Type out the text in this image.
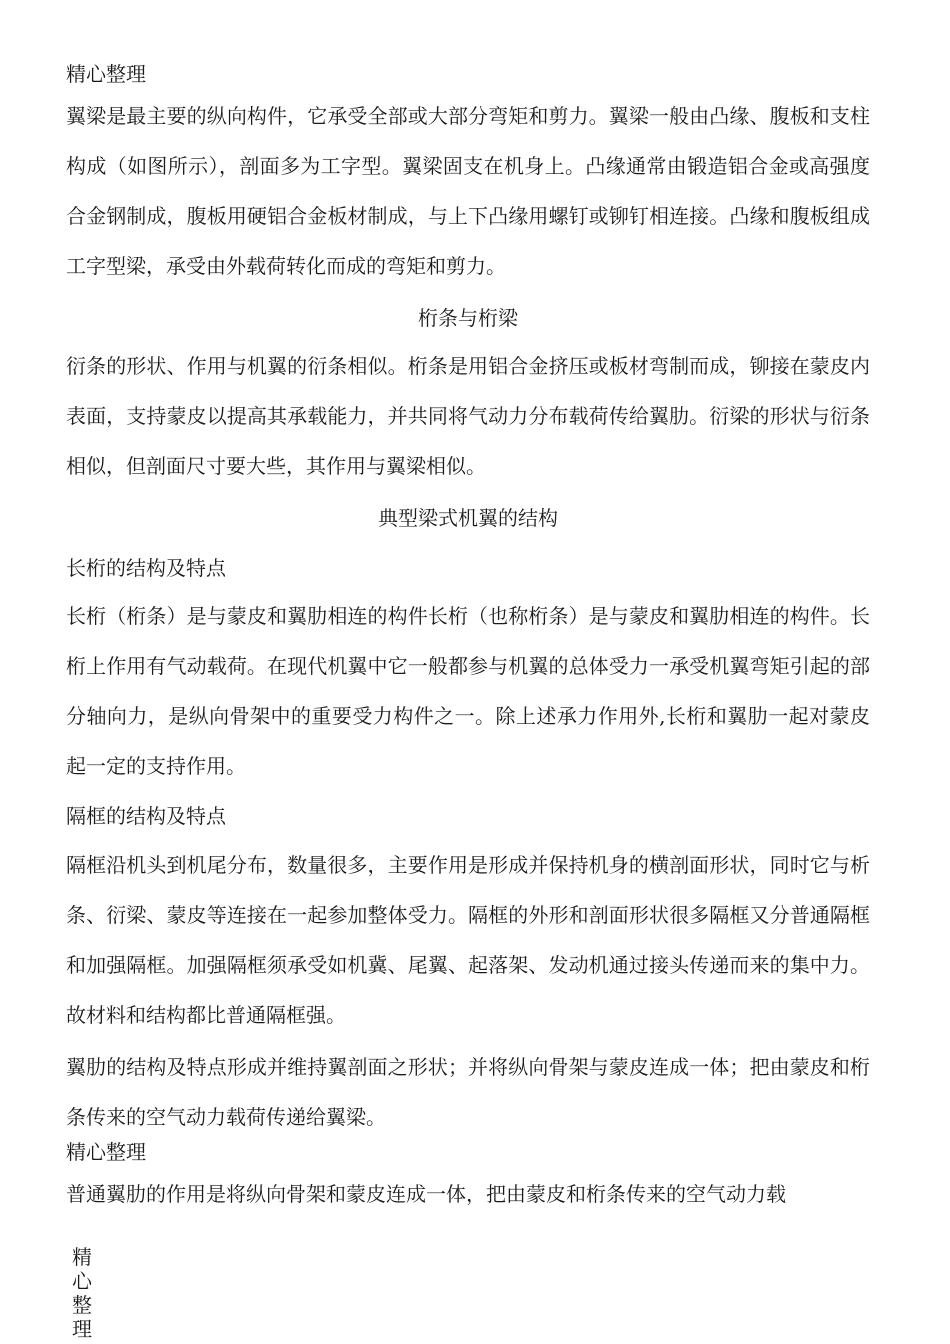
精心整理

翼梁是最主要的纵向构件，它承受全部或大部分弯矩和剪力。翼梁一般由凸缘、腹板和支柱构成（如图所示），剖面多为工字型。翼梁固支在机身上。凸缘通常由锻造铝合金或高强度合金钢制成，腹板用硬铝合金板材制成，与上下凸缘用螺钉或铆钉相连接。凸缘和腹板组成工字型梁，承受由外载荷转化而成的弯矩和剪力。

桁条与桁梁

衍条的形状、作用与机翼的衍条相似。桁条是用铝合金挤压或板材弯制而成，铆接在蒙皮内表面，支持蒙皮以提高其承载能力，并共同将气动力分布载荷传给翼肋。衍梁的形状与衍条相似，但剖面尺寸要大些，其作用与翼梁相似。

典型梁式机翼的结构
长桁的结构及特点

长桁（桁条）是与蒙皮和翼肋相连的构件长桁（也称桁条）是与蒙皮和翼肋相连的构件。长桁上作用有气动载荷。在现代机翼中它一般都参与机翼的总体受力一承受机翼弯矩引起的部分轴向力，是纵向骨架中的重要受力构件之一。除上述承力作用外,长桁和翼肋一起对蒙皮起一定的支持作用。

隔框的结构及特点

隔框沿机头到机尾分布，数量很多，主要作用是形成并保持机身的横剖面形状，同时它与析条、衍梁、蒙皮等连接在一起参加整体受力。隔框的外形和剖面形状很多隔框又分普通隔框和加强隔框。加强隔框须承受如机冀、尾翼、起落架、发动机通过接头传递而来的集中力。故材料和结构都比普通隔框强。

翼肋的结构及特点形成并维持翼剖面之形状；并将纵向骨架与蒙皮连成一体；把由蒙皮和桁条传来的空气动力载荷传递给翼梁。

精心整理

普通翼肋的作用是将纵向骨架和蒙皮连成一体，把由蒙皮和桁条传来的空气动力载

精心整理
